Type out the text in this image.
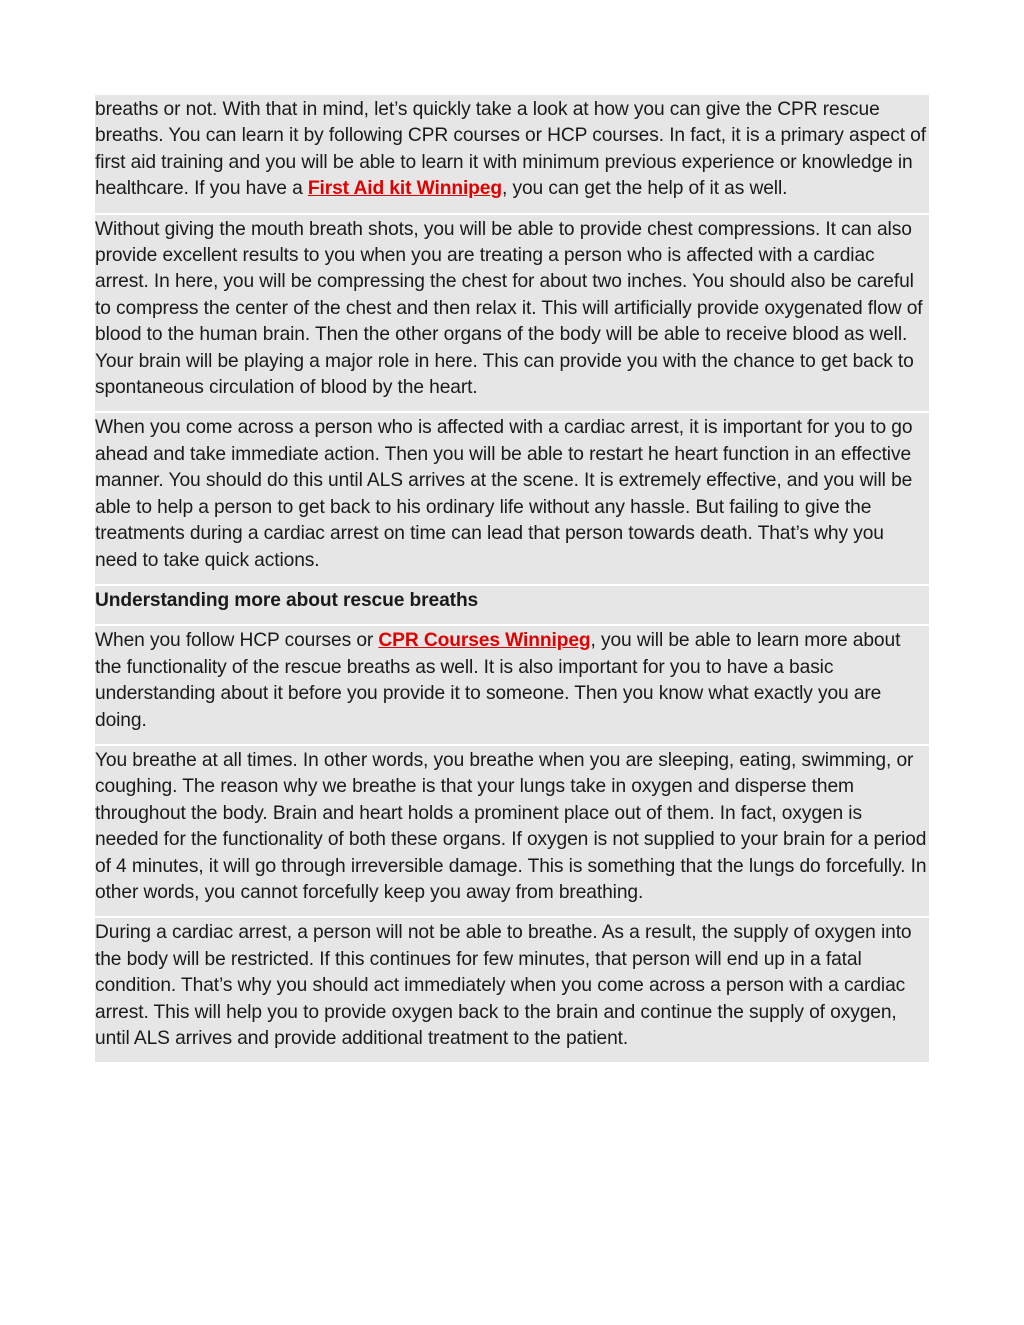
breaths or not. With that in mind, let’s quickly take a look at how you can give the CPR rescue breaths. You can learn it by following CPR courses or HCP courses. In fact, it is a primary aspect of first aid training and you will be able to learn it with minimum previous experience or knowledge in healthcare. If you have a First Aid kit Winnipeg, you can get the help of it as well.

Without giving the mouth breath shots, you will be able to provide chest compressions. It can also provide excellent results to you when you are treating a person who is affected with a cardiac arrest. In here, you will be compressing the chest for about two inches. You should also be careful to compress the center of the chest and then relax it. This will artificially provide oxygenated flow of blood to the human brain. Then the other organs of the body will be able to receive blood as well. Your brain will be playing a major role in here. This can provide you with the chance to get back to spontaneous circulation of blood by the heart.

When you come across a person who is affected with a cardiac arrest, it is important for you to go ahead and take immediate action. Then you will be able to restart he heart function in an effective manner. You should do this until ALS arrives at the scene. It is extremely effective, and you will be able to help a person to get back to his ordinary life without any hassle. But failing to give the treatments during a cardiac arrest on time can lead that person towards death. That’s why you need to take quick actions.

Understanding more about rescue breaths

When you follow HCP courses or CPR Courses Winnipeg, you will be able to learn more about the functionality of the rescue breaths as well. It is also important for you to have a basic understanding about it before you provide it to someone. Then you know what exactly you are doing.

You breathe at all times. In other words, you breathe when you are sleeping, eating, swimming, or coughing. The reason why we breathe is that your lungs take in oxygen and disperse them throughout the body. Brain and heart holds a prominent place out of them. In fact, oxygen is needed for the functionality of both these organs. If oxygen is not supplied to your brain for a period of 4 minutes, it will go through irreversible damage. This is something that the lungs do forcefully. In other words, you cannot forcefully keep you away from breathing.

During a cardiac arrest, a person will not be able to breathe. As a result, the supply of oxygen into the body will be restricted. If this continues for few minutes, that person will end up in a fatal condition. That’s why you should act immediately when you come across a person with a cardiac arrest. This will help you to provide oxygen back to the brain and continue the supply of oxygen, until ALS arrives and provide additional treatment to the patient.
